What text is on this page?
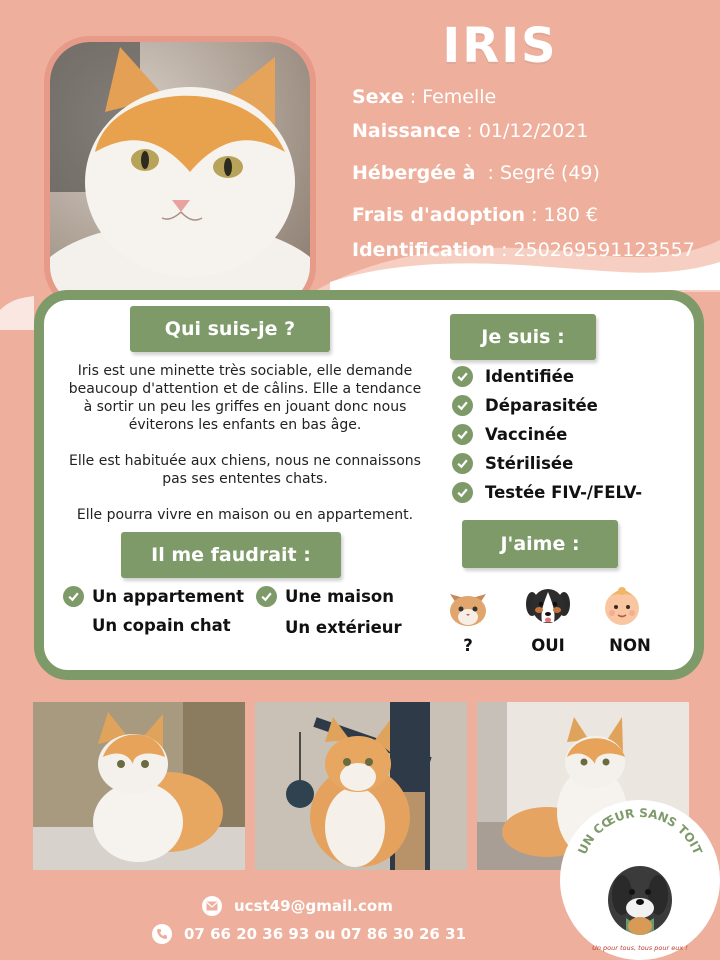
IRIS
Sexe : Femelle
Naissance : 01/12/2021
Hébergée à  : Segré (49)
Frais d'adoption : 180 €
Identification : 250269591123557
Qui suis-je ?	Je suis :
Il me faudrait :	J'aime :

Iris est une minette très sociable, elle demande beaucoup d'attention et de câlins. Elle a tendance à sortir un peu les griffes en jouant donc nous éviterons les enfants en bas âge.

Elle est habituée aux chiens, nous ne connaissons pas ses ententes chats.

Elle pourra vivre en maison ou en appartement.

Identifiée
Déparasitée
Vaccinée
Stérilisée
Testée FIV-/FELV-
Un appartement Une maison
Un copain chat	Un extérieur
?	OUI	NON
ucst49@gmail.com
07 66 20 36 93 ou 07 86 30 26 31
UN CŒUR SANS TOIT
Un pour tous, tous pour eux !
